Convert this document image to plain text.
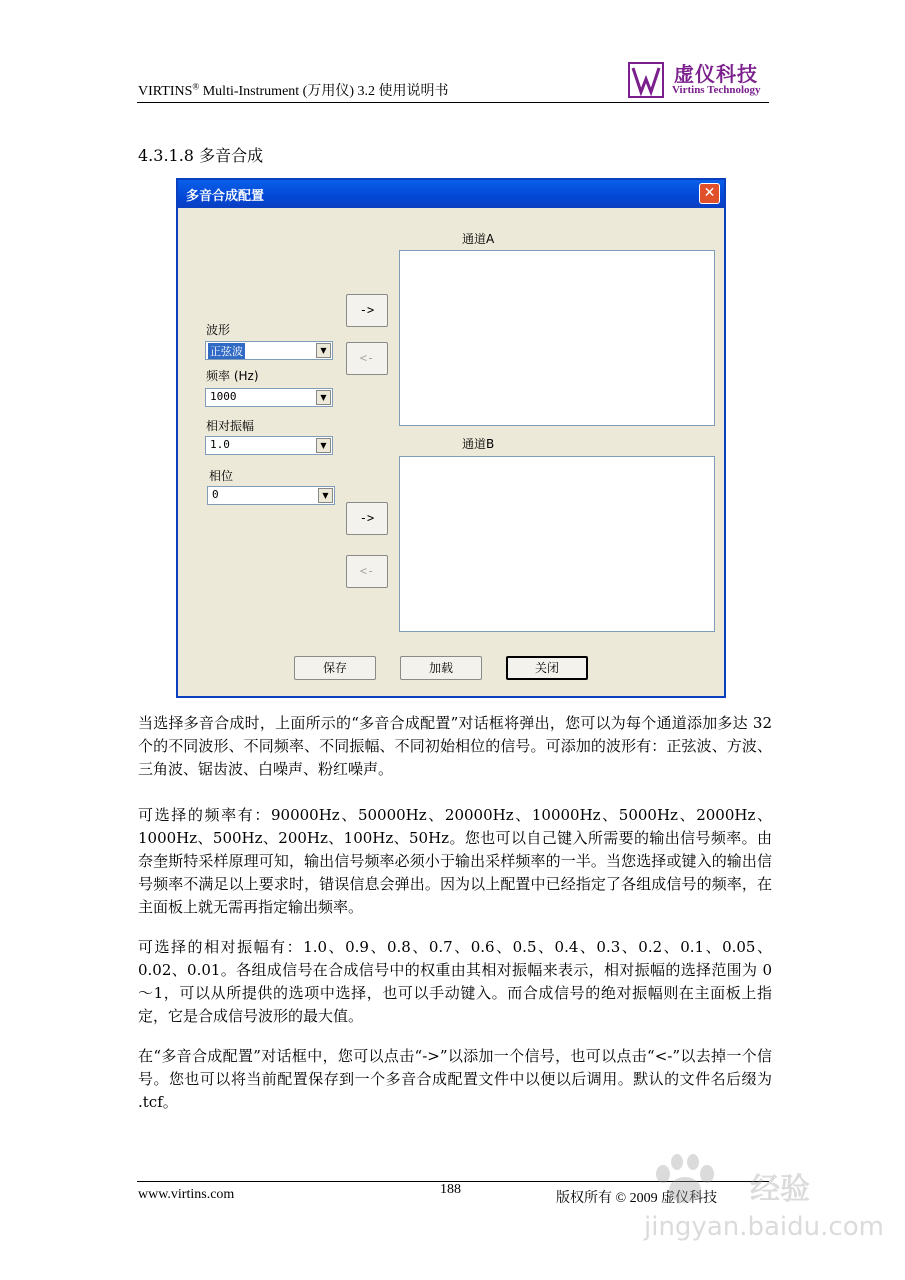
VIRTINS® Multi-Instrument (万用仪) 3.2 使用说明书
虚仪科技
Virtins Technology
4.3.1.8 多音合成
多音合成配置	✕
波形
正弦波	▼
频率 (Hz)
1000	▼
相对振幅
1.0	▼
相位
0	▼
通道A
通道B
->
<-
->
<-
保存	加载	关闭

当选择多音合成时，上面所示的“多音合成配置”对话框将弹出，您可以为每个通道添加多达 32 个的不同波形、不同频率、不同振幅、不同初始相位的信号。可添加的波形有：正弦波、方波、三角波、锯齿波、白噪声、粉红噪声。

可选择的频率有：90000Hz、50000Hz、20000Hz、10000Hz、5000Hz、2000Hz、1000Hz、500Hz、200Hz、100Hz、50Hz。您也可以自己键入所需要的输出信号频率。由奈奎斯特采样原理可知，输出信号频率必须小于输出采样频率的一半。当您选择或键入的输出信号频率不满足以上要求时，错误信息会弹出。因为以上配置中已经指定了各组成信号的频率，在主面板上就无需再指定输出频率。

可选择的相对振幅有：1.0、0.9、0.8、0.7、0.6、0.5、0.4、0.3、0.2、0.1、0.05、0.02、0.01。各组成信号在合成信号中的权重由其相对振幅来表示，相对振幅的选择范围为 0～1，可以从所提供的选项中选择，也可以手动键入。而合成信号的绝对振幅则在主面板上指定，它是合成信号波形的最大值。

在“多音合成配置”对话框中，您可以点击“->”以添加一个信号，也可以点击“<-”以去掉一个信号。您也可以将当前配置保存到一个多音合成配置文件中以便以后调用。默认的文件名后缀为 .tcf。

www.virtins.com	188
版权所有 © 2009 虚仪科技 经验
jingyan.baidu.com
